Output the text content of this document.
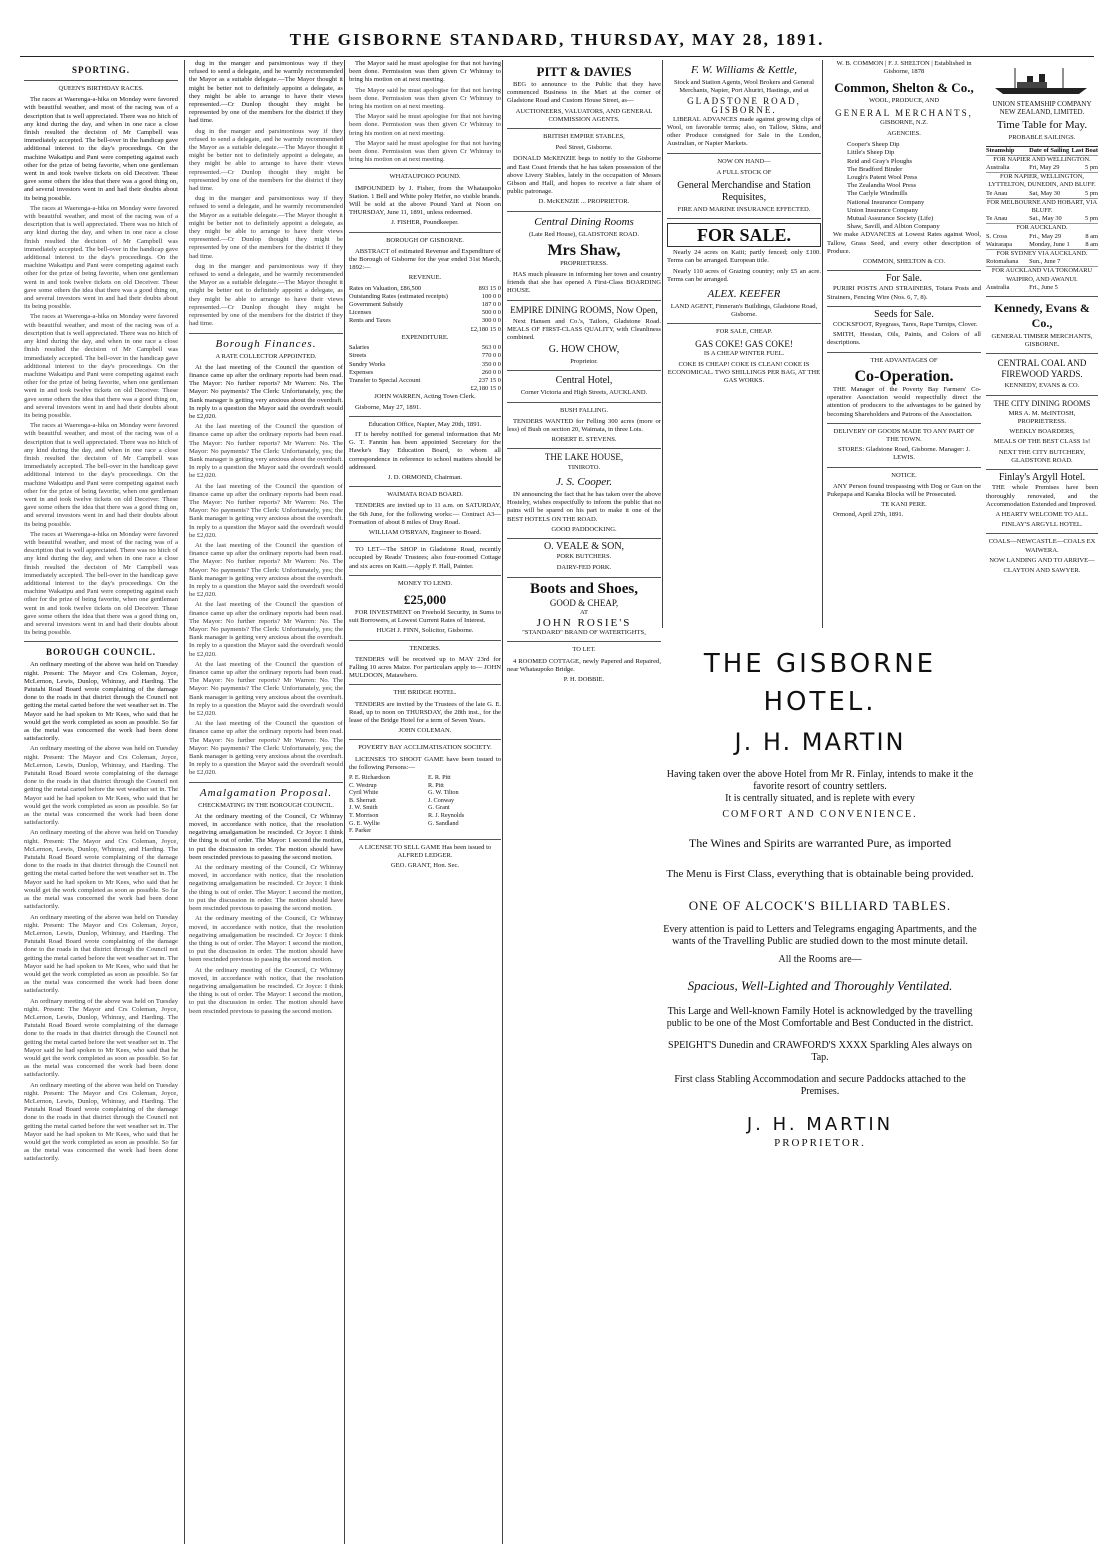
THE GISBORNE STANDARD, THURSDAY, MAY 28, 1891.
SPORTING.
QUEEN'S BIRTHDAY RACES.

The races at Waerenga-a-hika on Monday were favored with beautiful weather, and most of the racing was of a description that is well appreciated. There was no hitch of any kind during the day, and when in one race a close finish resulted the decision of Mr Campbell was immediately accepted. The bell-over in the handicap gave additional interest to the day's proceedings. On the machine Wakatipu and Pani were competing against each other for the prize of being favorite, when one gentleman went in and took twelve tickets on old Deceiver. These gave some others the idea that there was a good thing on, and several investors went in and had their doubts about its being possible.

The races at Waerenga-a-hika on Monday were favored with beautiful weather, and most of the racing was of a description that is well appreciated. There was no hitch of any kind during the day, and when in one race a close finish resulted the decision of Mr Campbell was immediately accepted. The bell-over in the handicap gave additional interest to the day's proceedings. On the machine Wakatipu and Pani were competing against each other for the prize of being favorite, when one gentleman went in and took twelve tickets on old Deceiver. These gave some others the idea that there was a good thing on, and several investors went in and had their doubts about its being possible.

The races at Waerenga-a-hika on Monday were favored with beautiful weather, and most of the racing was of a description that is well appreciated. There was no hitch of any kind during the day, and when in one race a close finish resulted the decision of Mr Campbell was immediately accepted. The bell-over in the handicap gave additional interest to the day's proceedings. On the machine Wakatipu and Pani were competing against each other for the prize of being favorite, when one gentleman went in and took twelve tickets on old Deceiver. These gave some others the idea that there was a good thing on, and several investors went in and had their doubts about its being possible.

The races at Waerenga-a-hika on Monday were favored with beautiful weather, and most of the racing was of a description that is well appreciated. There was no hitch of any kind during the day, and when in one race a close finish resulted the decision of Mr Campbell was immediately accepted. The bell-over in the handicap gave additional interest to the day's proceedings. On the machine Wakatipu and Pani were competing against each other for the prize of being favorite, when one gentleman went in and took twelve tickets on old Deceiver. These gave some others the idea that there was a good thing on, and several investors went in and had their doubts about its being possible.

The races at Waerenga-a-hika on Monday were favored with beautiful weather, and most of the racing was of a description that is well appreciated. There was no hitch of any kind during the day, and when in one race a close finish resulted the decision of Mr Campbell was immediately accepted. The bell-over in the handicap gave additional interest to the day's proceedings. On the machine Wakatipu and Pani were competing against each other for the prize of being favorite, when one gentleman went in and took twelve tickets on old Deceiver. These gave some others the idea that there was a good thing on, and several investors went in and had their doubts about its being possible.

BOROUGH COUNCIL.

An ordinary meeting of the above was held on Tuesday night. Present: The Mayor and Crs Coleman, Joyce, McLernon, Lewis, Dunlop, Whinray, and Harding. The Patutahi Road Board wrote complaining of the damage done to the roads in that district through the Council not getting the metal carted before the wet weather set in. The Mayor said he had spoken to Mr Kees, who said that he would get the work completed as soon as possible. So far as the metal was concerned the work had been done satisfactorily.

An ordinary meeting of the above was held on Tuesday night. Present: The Mayor and Crs Coleman, Joyce, McLernon, Lewis, Dunlop, Whinray, and Harding. The Patutahi Road Board wrote complaining of the damage done to the roads in that district through the Council not getting the metal carted before the wet weather set in. The Mayor said he had spoken to Mr Kees, who said that he would get the work completed as soon as possible. So far as the metal was concerned the work had been done satisfactorily.

An ordinary meeting of the above was held on Tuesday night. Present: The Mayor and Crs Coleman, Joyce, McLernon, Lewis, Dunlop, Whinray, and Harding. The Patutahi Road Board wrote complaining of the damage done to the roads in that district through the Council not getting the metal carted before the wet weather set in. The Mayor said he had spoken to Mr Kees, who said that he would get the work completed as soon as possible. So far as the metal was concerned the work had been done satisfactorily.

An ordinary meeting of the above was held on Tuesday night. Present: The Mayor and Crs Coleman, Joyce, McLernon, Lewis, Dunlop, Whinray, and Harding. The Patutahi Road Board wrote complaining of the damage done to the roads in that district through the Council not getting the metal carted before the wet weather set in. The Mayor said he had spoken to Mr Kees, who said that he would get the work completed as soon as possible. So far as the metal was concerned the work had been done satisfactorily.

An ordinary meeting of the above was held on Tuesday night. Present: The Mayor and Crs Coleman, Joyce, McLernon, Lewis, Dunlop, Whinray, and Harding. The Patutahi Road Board wrote complaining of the damage done to the roads in that district through the Council not getting the metal carted before the wet weather set in. The Mayor said he had spoken to Mr Kees, who said that he would get the work completed as soon as possible. So far as the metal was concerned the work had been done satisfactorily.

An ordinary meeting of the above was held on Tuesday night. Present: The Mayor and Crs Coleman, Joyce, McLernon, Lewis, Dunlop, Whinray, and Harding. The Patutahi Road Board wrote complaining of the damage done to the roads in that district through the Council not getting the metal carted before the wet weather set in. The Mayor said he had spoken to Mr Kees, who said that he would get the work completed as soon as possible. So far as the metal was concerned the work had been done satisfactorily.

dug in the manger and parsimonious way if they refused to send a delegate, and he warmly recommended the Mayor as a suitable delegate.—The Mayor thought it might be better not to definitely appoint a delegate, as they might be able to arrange to have their views represented.—Cr Dunlop thought they might be represented by one of the members for the district if they had time.

dug in the manger and parsimonious way if they refused to send a delegate, and he warmly recommended the Mayor as a suitable delegate.—The Mayor thought it might be better not to definitely appoint a delegate, as they might be able to arrange to have their views represented.—Cr Dunlop thought they might be represented by one of the members for the district if they had time.

dug in the manger and parsimonious way if they refused to send a delegate, and he warmly recommended the Mayor as a suitable delegate.—The Mayor thought it might be better not to definitely appoint a delegate, as they might be able to arrange to have their views represented.—Cr Dunlop thought they might be represented by one of the members for the district if they had time.

dug in the manger and parsimonious way if they refused to send a delegate, and he warmly recommended the Mayor as a suitable delegate.—The Mayor thought it might be better not to definitely appoint a delegate, as they might be able to arrange to have their views represented.—Cr Dunlop thought they might be represented by one of the members for the district if they had time.

Borough Finances.
A RATE COLLECTOR APPOINTED.

At the last meeting of the Council the question of finance came up after the ordinary reports had been read. The Mayor: No further reports? Mr Warren: No. The Mayor: No payments? The Clerk: Unfortunately, yes; the Bank manager is getting very anxious about the overdraft. In reply to a question the Mayor said the overdraft would be £2,020.

At the last meeting of the Council the question of finance came up after the ordinary reports had been read. The Mayor: No further reports? Mr Warren: No. The Mayor: No payments? The Clerk: Unfortunately, yes; the Bank manager is getting very anxious about the overdraft. In reply to a question the Mayor said the overdraft would be £2,020.

At the last meeting of the Council the question of finance came up after the ordinary reports had been read. The Mayor: No further reports? Mr Warren: No. The Mayor: No payments? The Clerk: Unfortunately, yes; the Bank manager is getting very anxious about the overdraft. In reply to a question the Mayor said the overdraft would be £2,020.

At the last meeting of the Council the question of finance came up after the ordinary reports had been read. The Mayor: No further reports? Mr Warren: No. The Mayor: No payments? The Clerk: Unfortunately, yes; the Bank manager is getting very anxious about the overdraft. In reply to a question the Mayor said the overdraft would be £2,020.

At the last meeting of the Council the question of finance came up after the ordinary reports had been read. The Mayor: No further reports? Mr Warren: No. The Mayor: No payments? The Clerk: Unfortunately, yes; the Bank manager is getting very anxious about the overdraft. In reply to a question the Mayor said the overdraft would be £2,020.

At the last meeting of the Council the question of finance came up after the ordinary reports had been read. The Mayor: No further reports? Mr Warren: No. The Mayor: No payments? The Clerk: Unfortunately, yes; the Bank manager is getting very anxious about the overdraft. In reply to a question the Mayor said the overdraft would be £2,020.

At the last meeting of the Council the question of finance came up after the ordinary reports had been read. The Mayor: No further reports? Mr Warren: No. The Mayor: No payments? The Clerk: Unfortunately, yes; the Bank manager is getting very anxious about the overdraft. In reply to a question the Mayor said the overdraft would be £2,020.

Amalgamation Proposal.
CHECKMATING IN THE BOROUGH COUNCIL.

At the ordinary meeting of the Council, Cr Whinray moved, in accordance with notice, that the resolution negativing amalgamation be rescinded. Cr Joyce: I think the thing is out of order. The Mayor: I second the motion, to put the discussion in order. The motion should have been rescinded previous to passing the second motion.

At the ordinary meeting of the Council, Cr Whinray moved, in accordance with notice, that the resolution negativing amalgamation be rescinded. Cr Joyce: I think the thing is out of order. The Mayor: I second the motion, to put the discussion in order. The motion should have been rescinded previous to passing the second motion.

At the ordinary meeting of the Council, Cr Whinray moved, in accordance with notice, that the resolution negativing amalgamation be rescinded. Cr Joyce: I think the thing is out of order. The Mayor: I second the motion, to put the discussion in order. The motion should have been rescinded previous to passing the second motion.

At the ordinary meeting of the Council, Cr Whinray moved, in accordance with notice, that the resolution negativing amalgamation be rescinded. Cr Joyce: I think the thing is out of order. The Mayor: I second the motion, to put the discussion in order. The motion should have been rescinded previous to passing the second motion.

The Mayor said he must apologise for that not having been done. Permission was then given Cr Whinray to bring his motion on at next meeting.

The Mayor said he must apologise for that not having been done. Permission was then given Cr Whinray to bring his motion on at next meeting.

The Mayor said he must apologise for that not having been done. Permission was then given Cr Whinray to bring his motion on at next meeting.

The Mayor said he must apologise for that not having been done. Permission was then given Cr Whinray to bring his motion on at next meeting.

WHATAUPOKO POUND.

IMPOUNDED by J. Fisher, from the Whataupoko Station. 1 Bell and White poley Heifer, no visible brands. Will be sold at the above Pound Yard at Noon on THURSDAY, June 11, 1891, unless redeemed.

J. FISHER, Poundkeeper.

BOROUGH OF GISBORNE.

ABSTRACT of estimated Revenue and Expenditure of the Borough of Gisborne for the year ended 31st March, 1892:—

REVENUE.
Rates on Valuation, £86,500	893 15 0
Outstanding Rates (estimated receipts)	100 0 0
Government Subsidy	187 0 0
Licenses	500 0 0
Rents and Taxes	300 0 0
	£2,180 15 0
EXPENDITURE.
Salaries	563 0 0
Streets	770 0 0
Sundry Works	350 0 0
Expenses	260 0 0
Transfer to Special Account	237 15 0
	£2,180 15 0

JOHN WARREN, Acting Town Clerk.

Gisborne, May 27, 1891.

Education Office, Napier, May 20th, 1891.

IT is hereby notified for general information that Mr G. T. Fannin has been appointed Secretary for the Hawke's Bay Education Board, to whom all correspondence in reference to school matters should be addressed.

J. D. ORMOND, Chairman.

WAIMATA ROAD BOARD.

TENDERS are invited up to 11 a.m. on SATURDAY, the 6th June, for the following works:— Contract A3—Formation of about 8 miles of Dray Road.

WILLIAM O'BRYAN, Engineer to Board.

TO LET—The SHOP in Gladstone Road, recently occupied by Reads' Trustees; also four-roomed Cottage and six acres on Kaiti.—Apply F. Hall, Painter.

MONEY TO LEND.
£25,000

FOR INVESTMENT on Freehold Security, in Sums to suit Borrowers, at Lowest Current Rates of Interest.

HUGH J. FINN, Solicitor, Gisborne.

TENDERS.

TENDERS will be received up to MAY 23rd for Falling 10 acres Maize. For particulars apply to— JOHN MULDOON, Matawhero.

THE BRIDGE HOTEL.

TENDERS are invited by the Trustees of the late G. E. Read, up to noon on THURSDAY, the 28th inst., for the lease of the Bridge Hotel for a term of Seven Years.

JOHN COLEMAN.

POVERTY BAY ACCLIMATISATION SOCIETY.

LICENSES TO SHOOT GAME have been issued to the following Persons:—

P. E. Richardson
C. Westrup
Cyril White
B. Sherratt
J. W. Smith
T. Morrison
G. E. Wyllie
F. Parker
E. R. Pitt
R. Pitt
G. W. Tilton
J. Conway
G. Grant
R. J. Reynolds
G. Sandland

A LICENSE TO SELL GAME Has been issued to ALFRED LEDGER.

GEO. GRANT, Hon. Sec.

PITT & DAVIES

BEG to announce to the Public that they have commenced Business in the Mart at the corner of Gladstone Road and Custom House Street, as—

AUCTIONEERS, VALUATORS, AND GENERAL COMMISSION AGENTS.

BRITISH EMPIRE STABLES,
Peel Street, Gisborne.

DONALD McKENZIE begs to notify to the Gisborne and East Coast friends that he has taken possession of the above Livery Stables, lately in the occupation of Messrs Gibson and Hall, and hopes to receive a fair share of public patronage.

D. McKENZIE ... PROPRIETOR.

Central Dining Rooms
(Late Red House), GLADSTONE ROAD.
Mrs Shaw,
PROPRIETRESS.

HAS much pleasure in informing her town and country friends that she has opened A First-Class BOARDING HOUSE.

EMPIRE DINING ROOMS, Now Open,

Next Hansen and Co.'s, Tailors, Gladstone Road. MEALS OF FIRST-CLASS QUALITY, with Cleanliness combined.

G. HOW CHOW,
Proprietor.
Central Hotel,
Corner Victoria and High Streets, AUCKLAND.
BUSH FALLING.

TENDERS WANTED for Felling 300 acres (more or less) of Bush on section 20, Waimata, in three Lots.

ROBERT E. STEVENS.

THE LAKE HOUSE,
TINIROTO.
J. S. Cooper.

IN announcing the fact that he has taken over the above Hostelry, wishes respectfully to inform the public that no pains will be spared on his part to make it one of the BEST HOTELS ON THE ROAD.

GOOD PADDOCKING.

O. VEALE & SON,
PORK BUTCHERS.
DAIRY-FED PORK.
Boots and Shoes,
GOOD & CHEAP,
AT
JOHN ROSIE'S

"STANDARD" BRAND OF WATERTIGHTS,

TO LET.

4 ROOMED COTTAGE, newly Papered and Repaired, near Whataupoko Bridge.

P. H. DOBBIE.

F. W. Williams & Kettle,

Stock and Station Agents, Wool Brokers and General Merchants, Napier, Port Ahuriri, Hastings, and at

GLADSTONE ROAD, GISBORNE.

LIBERAL ADVANCES made against growing clips of Wool, on favorable terms; also, on Tallow, Skins, and other Produce consigned for Sale in the London, Australian, or Napier Markets.

NOW ON HAND—
A FULL STOCK OF
General Merchandise and Station Requisites,

FIRE AND MARINE INSURANCE EFFECTED.

FOR SALE.

Nearly 24 acres on Kaiti; partly fenced; only £100. Terms can be arranged. European title.

Nearly 110 acres of Grazing country; only £5 an acre. Terms can be arranged.

ALEX. KEEFER

LAND AGENT, Finneran's Buildings, Gladstone Road, Gisborne.

FOR SALE, CHEAP.
GAS COKE! GAS COKE!
IS A CHEAP WINTER FUEL.

COKE IS CHEAP! COKE IS CLEAN! COKE IS ECONOMICAL. TWO SHILLINGS PER BAG, AT THE GAS WORKS.

W. B. COMMON | F. J. SHELTON | Established in Gisborne, 1878

Common, Shelton & Co.,
WOOL, PRODUCE, AND
GENERAL MERCHANTS,
GISBORNE, N.Z.
AGENCIES.
Cooper's Sheep Dip
Little's Sheep Dip
Reid and Gray's Ploughs
The Bradford Binder
Lough's Patent Wool Press
The Zealandia Wool Press
The Carlyle Windmills
National Insurance Company
Union Insurance Company
Mutual Assurance Society (Life)
Shaw, Savill, and Albion Company

We make ADVANCES at Lowest Rates against Wool, Tallow, Grass Seed, and every other description of Produce.

COMMON, SHELTON & CO.

For Sale.

PURIRI POSTS AND STRAINERS, Totara Posts and Strainers, Fencing Wire (Nos. 6, 7, 8).

Seeds for Sale.

COCKSFOOT, Ryegrass, Tares, Rape Turnips, Clover.

SMITH, Hessian, Oils, Paints, and Colors of all descriptions.

THE ADVANTAGES OF
Co-Operation.

THE Manager of the Poverty Bay Farmers' Co-operative Association would respectfully direct the attention of producers to the advantages to be gained by becoming Shareholders and Patrons of the Association.

DELIVERY OF GOODS MADE TO ANY PART OF THE TOWN.

STORES: Gladstone Road, Gisborne. Manager: J. LEWIS.

NOTICE.

ANY Person found trespassing with Dog or Gun on the Pukepapa and Karaka Blocks will be Prosecuted.

TE KANI PERE.

Ormond, April 27th, 1891.

THE GISBORNE HOTEL.
J. H. MARTIN

Having taken over the above Hotel from Mr R. Finlay, intends to make it the favorite resort of country settlers.

It is centrally situated, and is replete with every

COMFORT AND CONVENIENCE.

The Wines and Spirits are warranted Pure, as imported
The Menu is First Class, everything that is obtainable being provided.
ONE OF ALCOCK'S BILLIARD TABLES.

Every attention is paid to Letters and Telegrams engaging Apartments, and the wants of the Travelling Public are studied down to the most minute detail.

All the Rooms are—

Spacious, Well-Lighted and Thoroughly Ventilated.

This Large and Well-known Family Hotel is acknowledged by the travelling public to be one of the Most Comfortable and Best Conducted in the district.

SPEIGHT'S Dunedin and CRAWFORD'S XXXX Sparkling Ales always on Tap.

First class Stabling Accommodation and secure Paddocks attached to the Premises.

J. H. MARTIN
PROPRIETOR.
UNION STEAMSHIP COMPANY NEW ZEALAND, LIMITED.
Time Table for May.
PROBABLE SAILINGS.
Steamship	Date of Sailing	Last Boat
FOR NAPIER AND WELLINGTON.		
Australia	Fri, May 29	5 pm
FOR NAPIER, WELLINGTON, LYTTELTON, DUNEDIN, AND BLUFF.		
Te Anau	Sat, May 30	5 pm
FOR MELBOURNE AND HOBART, VIA BLUFF.		
Te Anau	Sat., May 30	5 pm
FOR AUCKLAND.		
S. Cross	Fri., May 29	8 am
Wairarapa	Monday, June 1	8 am
FOR SYDNEY VIA AUCKLAND.		
Rotomahana	Sun., June 7	
FOR AUCKLAND VIA TOKOMARU WAIPIRO, AND AWANUI.		
Australia	Fri., June 5	
Kennedy, Evans & Co.,

GENERAL TIMBER MERCHANTS, GISBORNE.

CENTRAL COAL AND FIREWOOD YARDS.

KENNEDY, EVANS & CO.

THE CITY DINING ROOMS

MRS A. M. McINTOSH, PROPRIETRESS.

WEEKLY BOARDERS,

MEALS OF THE BEST CLASS 1s!

NEXT THE CITY BUTCHERY, GLADSTONE ROAD.

Finlay's Argyll Hotel.

THE whole Premises have been thoroughly renovated, and the Accommodation Extended and Improved.

A HEARTY WELCOME TO ALL.

FINLAY'S ARGYLL HOTEL.

COALS—NEWCASTLE—COALS EX WAIWERA.

NOW LANDING AND TO ARRIVE—

CLAYTON AND SAWYER.
